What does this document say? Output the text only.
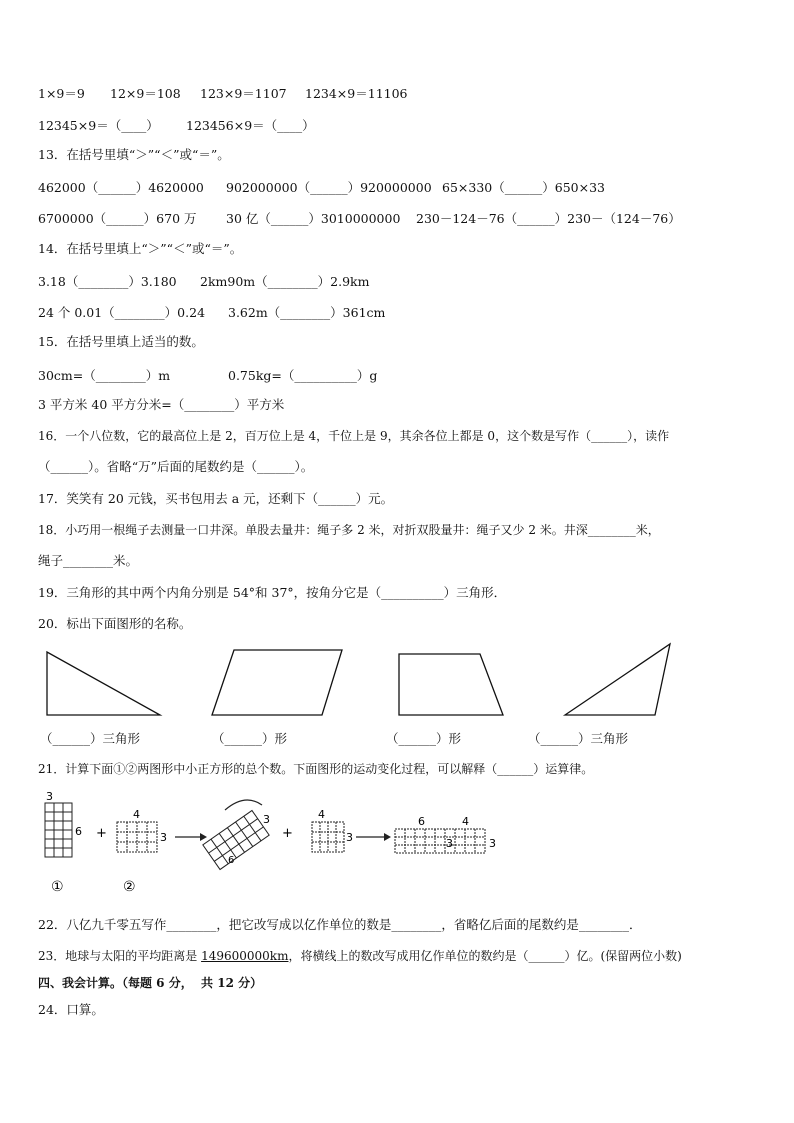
1×9＝9 12×9＝108 123×9＝1107 1234×9＝11106
12345×9＝（____） 123456×9＝（____）
13．在括号里填“＞”“＜”或“＝”。
462000（______）4620000 902000000（______）920000000 65×330（______）650×33
6700000（______）670 万 30 亿（______）3010000000 230－124－76（______）230－（124－76）
14．在括号里填上“＞”“＜”或“＝”。
3.18（________）3.180 2km90m（________）2.9km
24 个 0.01（________）0.24 3.62m（________）361cm
15．在括号里填上适当的数。
30cm=（________）m	0.75kg=（__________）g
3 平方米 40 平方分米=（________）平方米
16．一个八位数，它的最高位上是 2，百万位上是 4，千位上是 9，其余各位上都是 0，这个数是写作（______），读作
（______）。省略“万”后面的尾数约是（______）。
17．笑笑有 20 元钱，买书包用去 a 元，还剩下（______）元。
18．小巧用一根绳子去测量一口井深。单股去量井：绳子多 2 米，对折双股量井：绳子又少 2 米。井深________米，
绳子________米。
19．三角形的其中两个内角分别是 54°和 37°，按角分它是（__________）三角形．
20．标出下面图形的名称。
（______）三角形	（______）形	（______）形	（______）三角形
21．计算下面①②两图形中小正方形的总个数。下面图形的运动变化过程，可以解释（______）运算律。
3
6 +
4
3
3
6
+
4
3
6	4
3	3
①	②
22．八亿九千零五写作________，把它改写成以亿作单位的数是________，省略亿后面的尾数约是________．
23．地球与太阳的平均距离是 149600000km，将横线上的数改写成用亿作单位的数约是（______）亿。(保留两位小数)
四、我会计算。（每题 6 分，  共 12 分）
24．口算。
